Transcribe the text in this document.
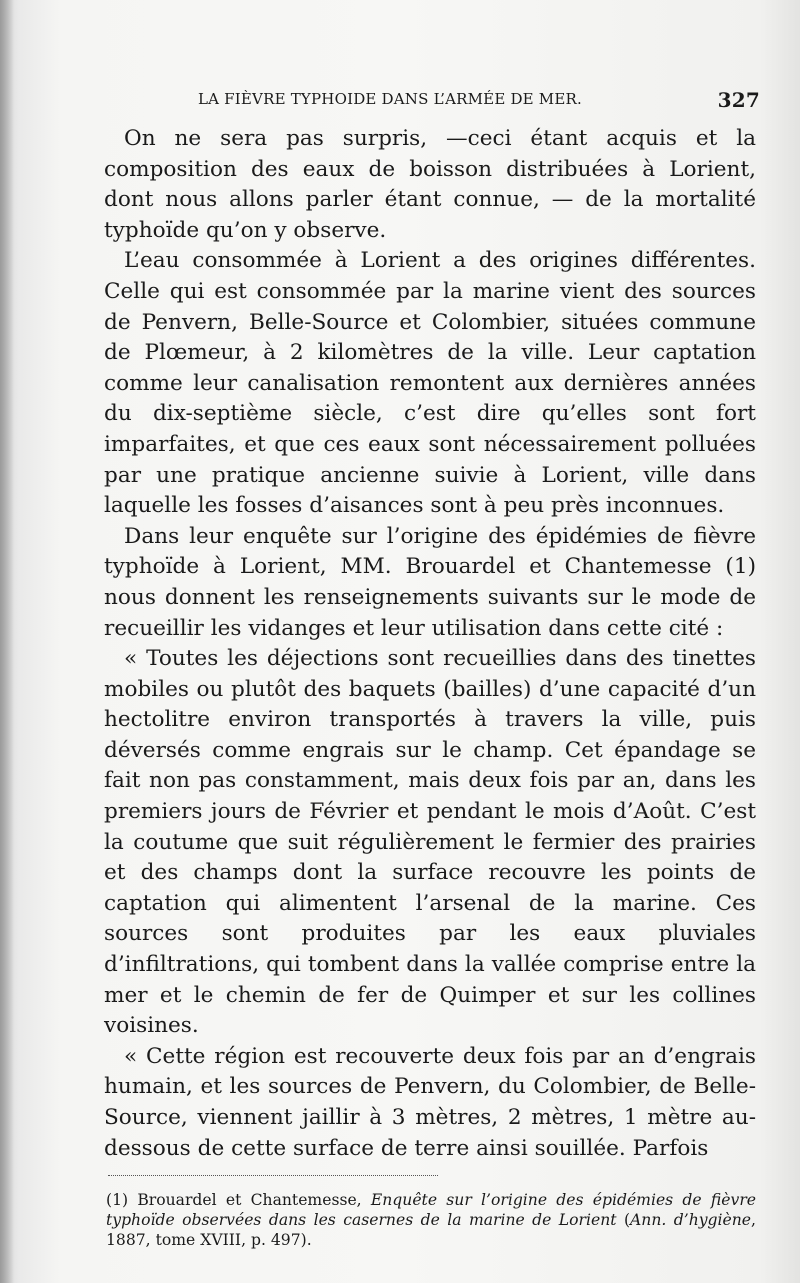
LA FIÈVRE TYPHOIDE DANS L’ARMÉE DE MER.	327

On ne sera pas surpris, —ceci étant acquis et la composition des eaux de boisson distribuées à Lorient, dont nous allons parler étant connue, — de la mortalité typhoïde qu’on y observe.

L’eau consommée à Lorient a des origines différentes. Celle qui est consommée par la marine vient des sources de Penvern, Belle-Source et Colombier, situées commune de Plœmeur, à 2 kilomètres de la ville. Leur captation comme leur canalisation remontent aux dernières années du dix-septième siècle, c’est dire qu’elles sont fort imparfaites, et que ces eaux sont nécessairement polluées par une pratique ancienne suivie à Lorient, ville dans laquelle les fosses d’aisances sont à peu près inconnues.

Dans leur enquête sur l’origine des épidémies de fièvre typhoïde à Lorient, MM. Brouardel et Chantemesse (1) nous donnent les renseignements suivants sur le mode de recueillir les vidanges et leur utilisation dans cette cité :

« Toutes les déjections sont recueillies dans des tinettes mobiles ou plutôt des baquets (bailles) d’une capacité d’un hectolitre environ transportés à travers la ville, puis déversés comme engrais sur le champ. Cet épandage se fait non pas constamment, mais deux fois par an, dans les premiers jours de Février et pendant le mois d’Août. C’est la coutume que suit régulièrement le fermier des prairies et des champs dont la surface recouvre les points de captation qui alimentent l’arsenal de la marine. Ces sources sont produites par les eaux pluviales d’infiltrations, qui tombent dans la vallée comprise entre la mer et le chemin de fer de Quimper et sur les collines voisines.

« Cette région est recouverte deux fois par an d’engrais humain, et les sources de Penvern, du Colombier, de Belle-Source, viennent jaillir à 3 mètres, 2 mètres, 1 mètre au-dessous de cette surface de terre ainsi souillée. Parfois

(1) Brouardel et Chantemesse, Enquête sur l’origine des épidémies de fièvre typhoïde observées dans les casernes de la marine de Lorient (Ann. d’hygiène, 1887, tome XVIII, p. 497).
